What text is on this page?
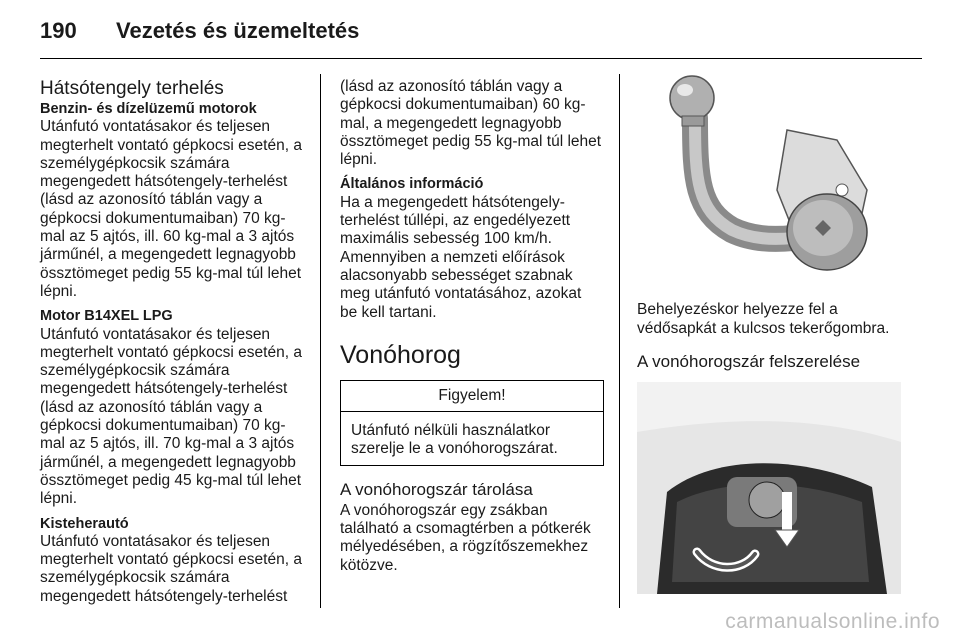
190 Vezetés és üzemeltetés
Hátsótengely terhelés
Benzin- és dízelüzemű motorok

Utánfutó vontatásakor és teljesen megterhelt vontató gépkocsi esetén, a személygépkocsik számára megengedett hátsótengely-terhelést (lásd az azonosító táblán vagy a gépkocsi dokumentumaiban) 70 kg-mal az 5 ajtós, ill. 60 kg-mal a 3 ajtós járműnél, a megengedett legnagyobb össztömeget pedig 55 kg-mal túl lehet lépni.

Motor B14XEL LPG

Utánfutó vontatásakor és teljesen megterhelt vontató gépkocsi esetén, a személygépkocsik számára megengedett hátsótengely-terhelést (lásd az azonosító táblán vagy a gépkocsi dokumentumaiban) 70 kg-mal az 5 ajtós, ill. 70 kg-mal a 3 ajtós járműnél, a megengedett legnagyobb össztömeget pedig 45 kg-mal túl lehet lépni.

Kisteherautó

Utánfutó vontatásakor és teljesen megterhelt vontató gépkocsi esetén, a személygépkocsik számára megengedett hátsótengely-terhelést

(lásd az azonosító táblán vagy a gépkocsi dokumentumaiban) 60 kg-mal, a megengedett legnagyobb össztömeget pedig 55 kg-mal túl lehet lépni.

Általános információ

Ha a megengedett hátsótengely-terhelést túllépi, az engedélyezett maximális sebesség 100 km/h. Amennyiben a nemzeti előírások alacsonyabb sebességet szabnak meg utánfutó vontatásához, azokat be kell tartani.

Vonóhorog
Figyelem!
Utánfutó nélküli használatkor szerelje le a vonóhorogszárat.
A vonóhorogszár tárolása

A vonóhorogszár egy zsákban található a csomagtérben a pótkerék mélyedésében, a rögzítőszemekhez kötözve.

Behelyezéskor helyezze fel a védősapkát a kulcsos tekerőgombra.

A vonóhorogszár felszerelése
carmanualsonline.info
